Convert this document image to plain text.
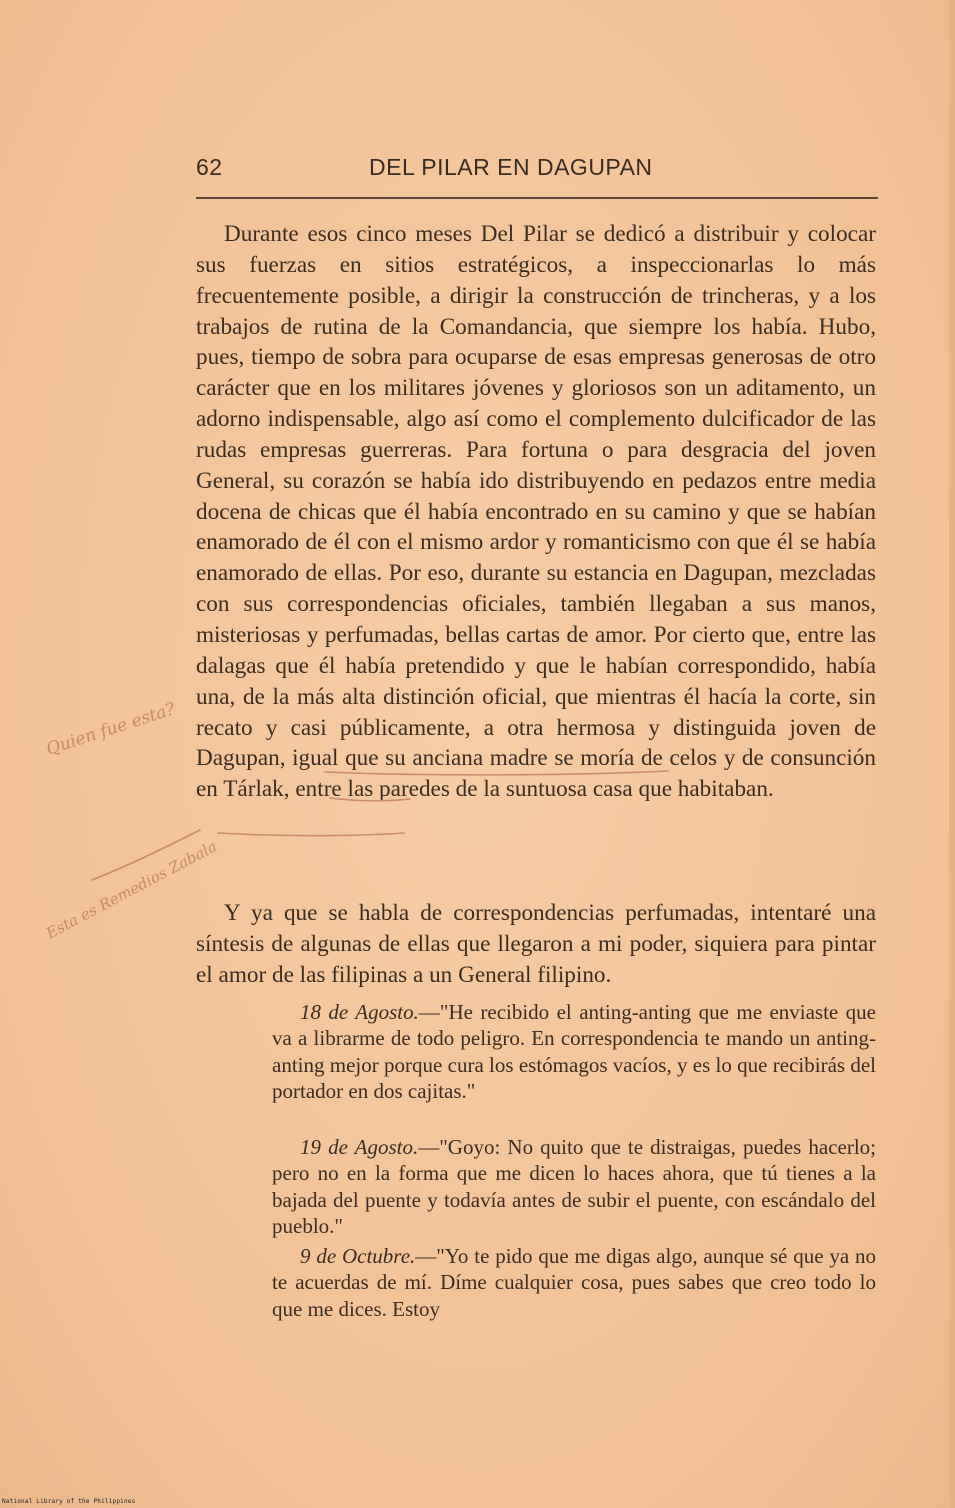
62	DEL PILAR EN DAGUPAN

Durante esos cinco meses Del Pilar se dedicó a distribuir y colocar sus fuerzas en sitios estratégicos, a inspeccionarlas lo más frecuentemente posible, a dirigir la construcción de trincheras, y a los trabajos de rutina de la Comandancia, que siempre los había. Hubo, pues, tiempo de sobra para ocuparse de esas empresas generosas de otro carácter que en los militares jóvenes y gloriosos son un aditamento, un adorno indispensable, algo así como el complemento dulcificador de las rudas empresas guerreras. Para fortuna o para desgracia del joven General, su corazón se había ido distribuyendo en pedazos entre media docena de chicas que él había encontrado en su camino y que se habían enamorado de él con el mismo ardor y romanticismo con que él se había enamorado de ellas. Por eso, durante su estancia en Dagupan, mezcladas con sus correspondencias oficiales, también llegaban a sus manos, misteriosas y perfumadas, bellas cartas de amor. Por cierto que, entre las dalagas que él había pretendido y que le habían correspondido, había una, de la más alta distinción oficial, que mientras él hacía la corte, sin recato y casi públicamente, a otra hermosa y distinguida joven de Dagupan, igual que su anciana madre se moría de celos y de consunción en Tárlak, entre las paredes de la suntuosa casa que habitaban.

Y ya que se habla de correspondencias perfumadas, intentaré una síntesis de algunas de ellas que llegaron a mi poder, siquiera para pintar el amor de las filipinas a un General filipino.

18 de Agosto.—"He recibido el anting-anting que me enviaste que va a librarme de todo peligro. En correspondencia te mando un anting-anting mejor porque cura los estómagos vacíos, y es lo que recibirás del portador en dos cajitas."

19 de Agosto.—"Goyo: No quito que te distraigas, puedes hacerlo; pero no en la forma que me dicen lo haces ahora, que tú tienes a la bajada del puente y todavía antes de subir el puente, con escándalo del pueblo."

9 de Octubre.—"Yo te pido que me digas algo, aunque sé que ya no te acuerdas de mí. Díme cualquier cosa, pues sabes que creo todo lo que me dices. Estoy

Quien fue esta?
Esta es Remedios Zabala
National Library of the Philippines
